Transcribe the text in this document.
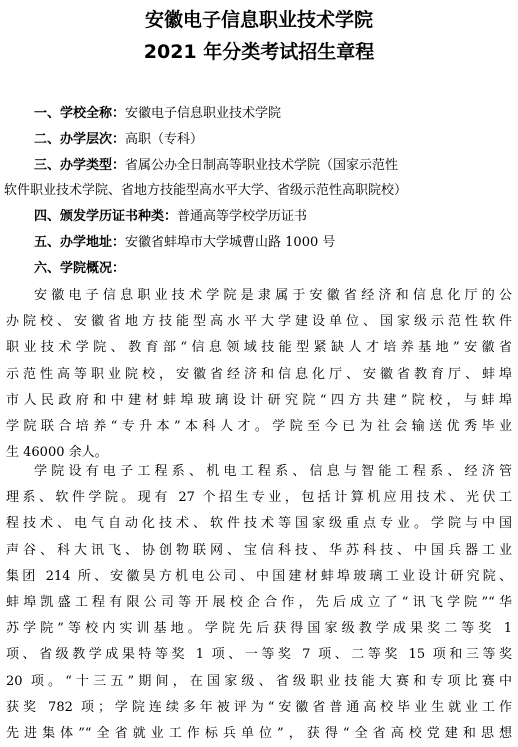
安徽电子信息职业技术学院
2021 年分类考试招生章程
一、学校全称：安徽电子信息职业技术学院
二、办学层次：高职（专科）
三、办学类型：省属公办全日制高等职业技术学院（国家示范性
软件职业技术学院、省地方技能型高水平大学、省级示范性高职院校）
四、颁发学历证书种类：普通高等学校学历证书
五、办学地址：安徽省蚌埠市大学城曹山路 1000 号
六、学院概况：
安徽电子信息职业技术学院是隶属于安徽省经济和信息化厅的公
办院校、安徽省地方技能型高水平大学建设单位、国家级示范性软件
职业技术学院、教育部“信息领域技能型紧缺人才培养基地”安徽省
示范性高等职业院校，安徽省经济和信息化厅、安徽省教育厅、蚌埠
市人民政府和中建材蚌埠玻璃设计研究院“四方共建”院校，与蚌埠
学院联合培养“专升本”本科人才。学院至今已为社会输送优秀毕业
生 46000 余人。
学院设有电子工程系、机电工程系、信息与智能工程系、经济管
理系、软件学院。现有 27 个招生专业，包括计算机应用技术、光伏工
程技术、电气自动化技术、软件技术等国家级重点专业。学院与中国
声谷、科大讯飞、协创物联网、宝信科技、华苏科技、中国兵器工业
集团 214 所、安徽昊方机电公司、中国建材蚌埠玻璃工业设计研究院、
蚌埠凯盛工程有限公司等开展校企合作，先后成立了“讯飞学院”“华
苏学院”等校内实训基地。学院先后获得国家级教学成果奖二等奖 1
项、省级教学成果特等奖 1 项、一等奖 7 项、二等奖 15 项和三等奖
20 项。“十三五”期间，在国家级、省级职业技能大赛和专项比赛中
获奖 782 项；学院连续多年被评为“安徽省普通高校毕业生就业工作
先进集体”“全省就业工作标兵单位”，获得“全省高校党建和思想
